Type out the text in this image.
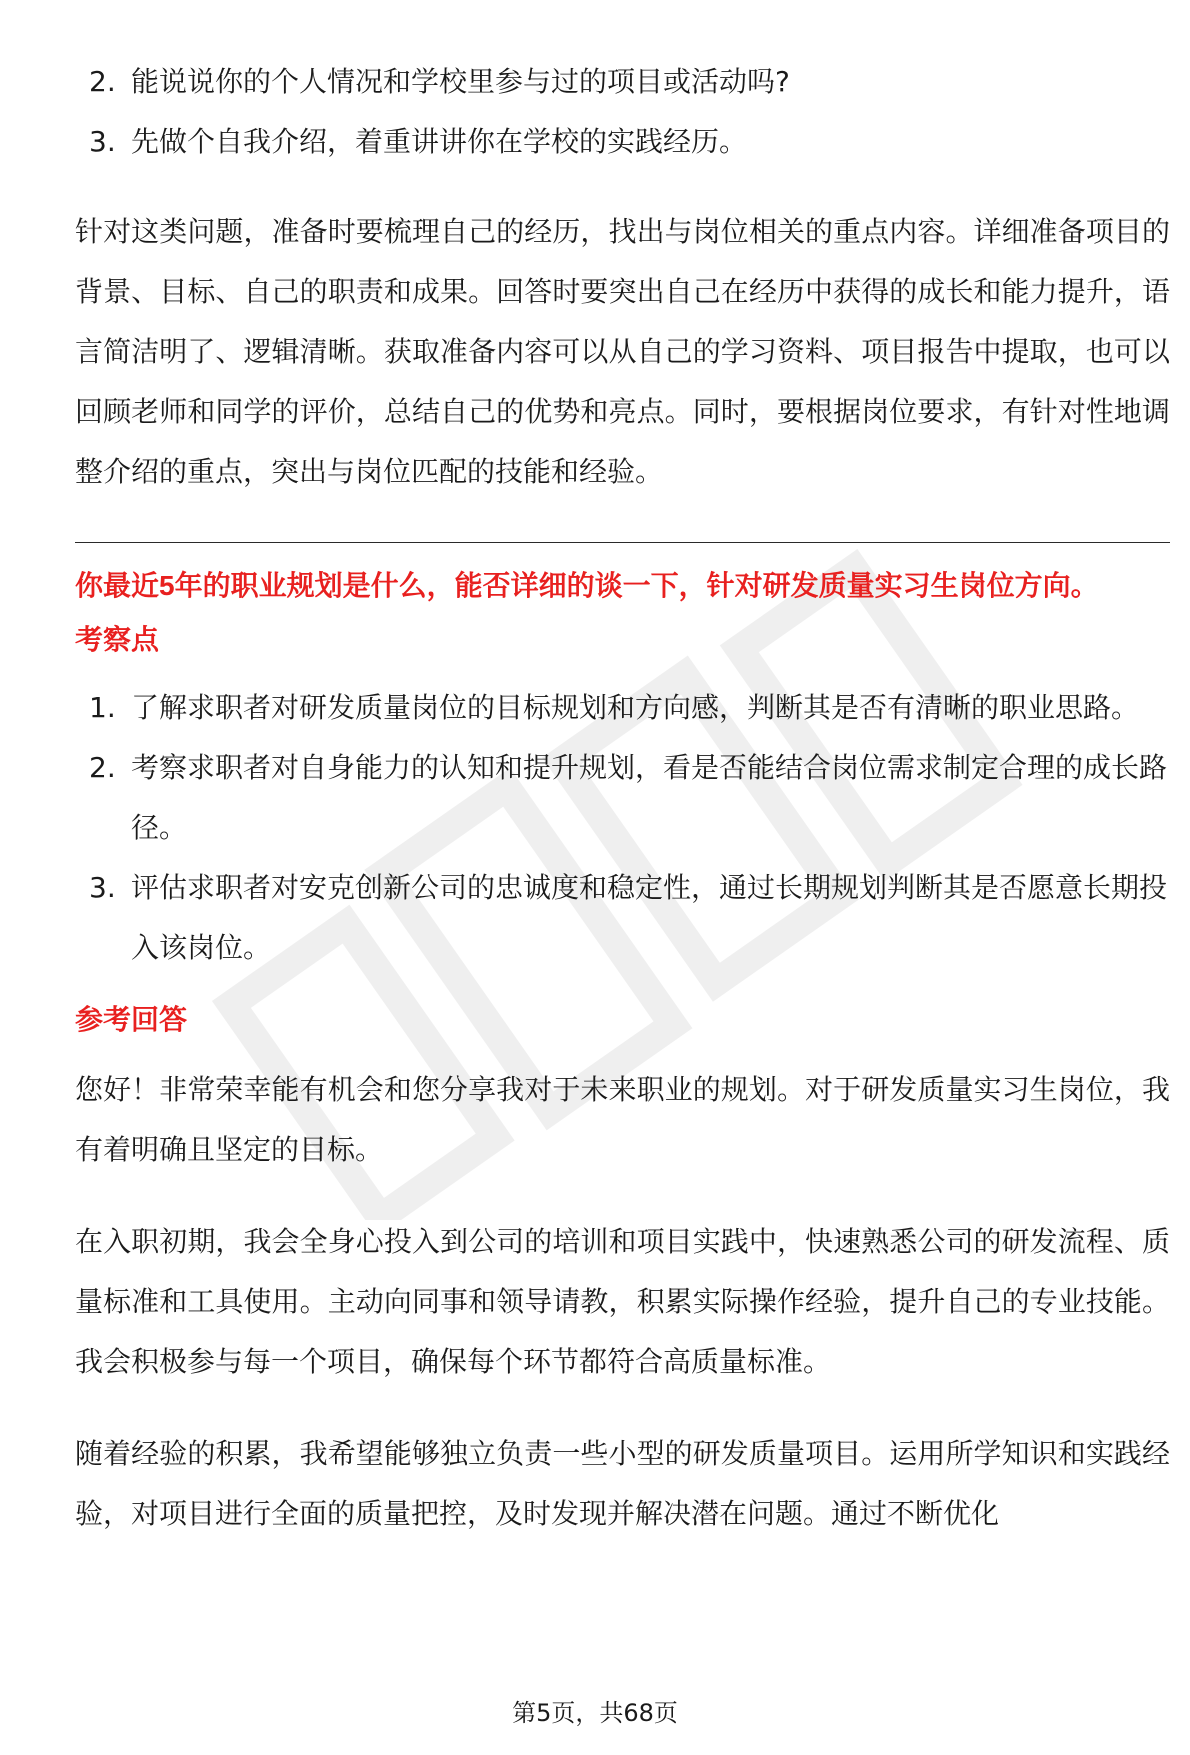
2. 能说说你的个人情况和学校里参与过的项目或活动吗?
3. 先做个自我介绍，着重讲讲你在学校的实践经历。

针对这类问题，准备时要梳理自己的经历，找出与岗位相关的重点内容。详细准备项目的背景、目标、自己的职责和成果。回答时要突出自己在经历中获得的成长和能力提升，语言简洁明了、逻辑清晰。获取准备内容可以从自己的学习资料、项目报告中提取，也可以回顾老师和同学的评价，总结自己的优势和亮点。同时，要根据岗位要求，有针对性地调整介绍的重点，突出与岗位匹配的技能和经验。

你最近5年的职业规划是什么，能否详细的谈一下，针对研发质量实习生岗位方向。

考察点

1. 了解求职者对研发质量岗位的目标规划和方向感，判断其是否有清晰的职业思路。
2. 考察求职者对自身能力的认知和提升规划，看是否能结合岗位需求制定合理的成长路径。
3. 评估求职者对安克创新公司的忠诚度和稳定性，通过长期规划判断其是否愿意长期投入该岗位。

参考回答

您好！非常荣幸能有机会和您分享我对于未来职业的规划。对于研发质量实习生岗位，我有着明确且坚定的目标。

在入职初期，我会全身心投入到公司的培训和项目实践中，快速熟悉公司的研发流程、质量标准和工具使用。主动向同事和领导请教，积累实际操作经验，提升自己的专业技能。我会积极参与每一个项目，确保每个环节都符合高质量标准。

随着经验的积累，我希望能够独立负责一些小型的研发质量项目。运用所学知识和实践经验，对项目进行全面的质量把控，及时发现并解决潜在问题。通过不断优化

第5页，共68页
